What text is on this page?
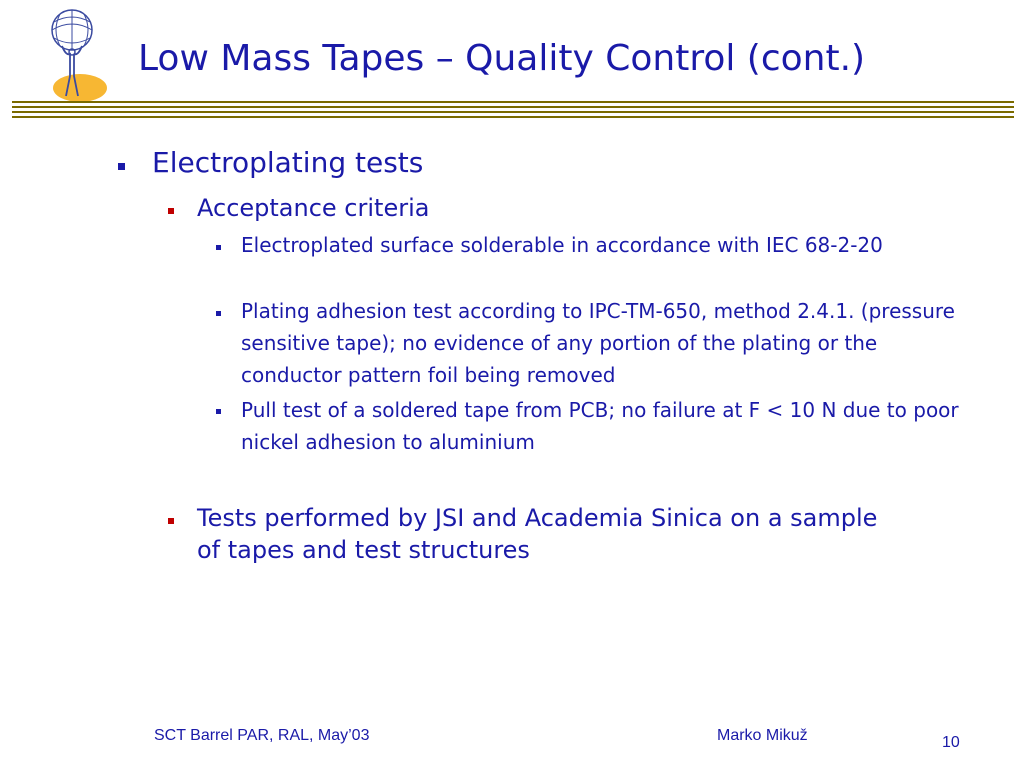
Low Mass Tapes – Quality Control (cont.)
Electroplating tests
Acceptance criteria
Electroplated surface solderable in accordance with IEC 68-2-20
Plating adhesion test according to IPC-TM-650, method 2.4.1. (pressure sensitive tape); no evidence of any portion of the plating or the conductor pattern foil being removed
Pull test of a soldered tape from PCB; no failure at F < 10 N due to poor nickel adhesion to aluminium
Tests performed by JSI and Academia Sinica on a sample of tapes and test structures
SCT Barrel PAR, RAL, May’03	Marko Mikuž	10
